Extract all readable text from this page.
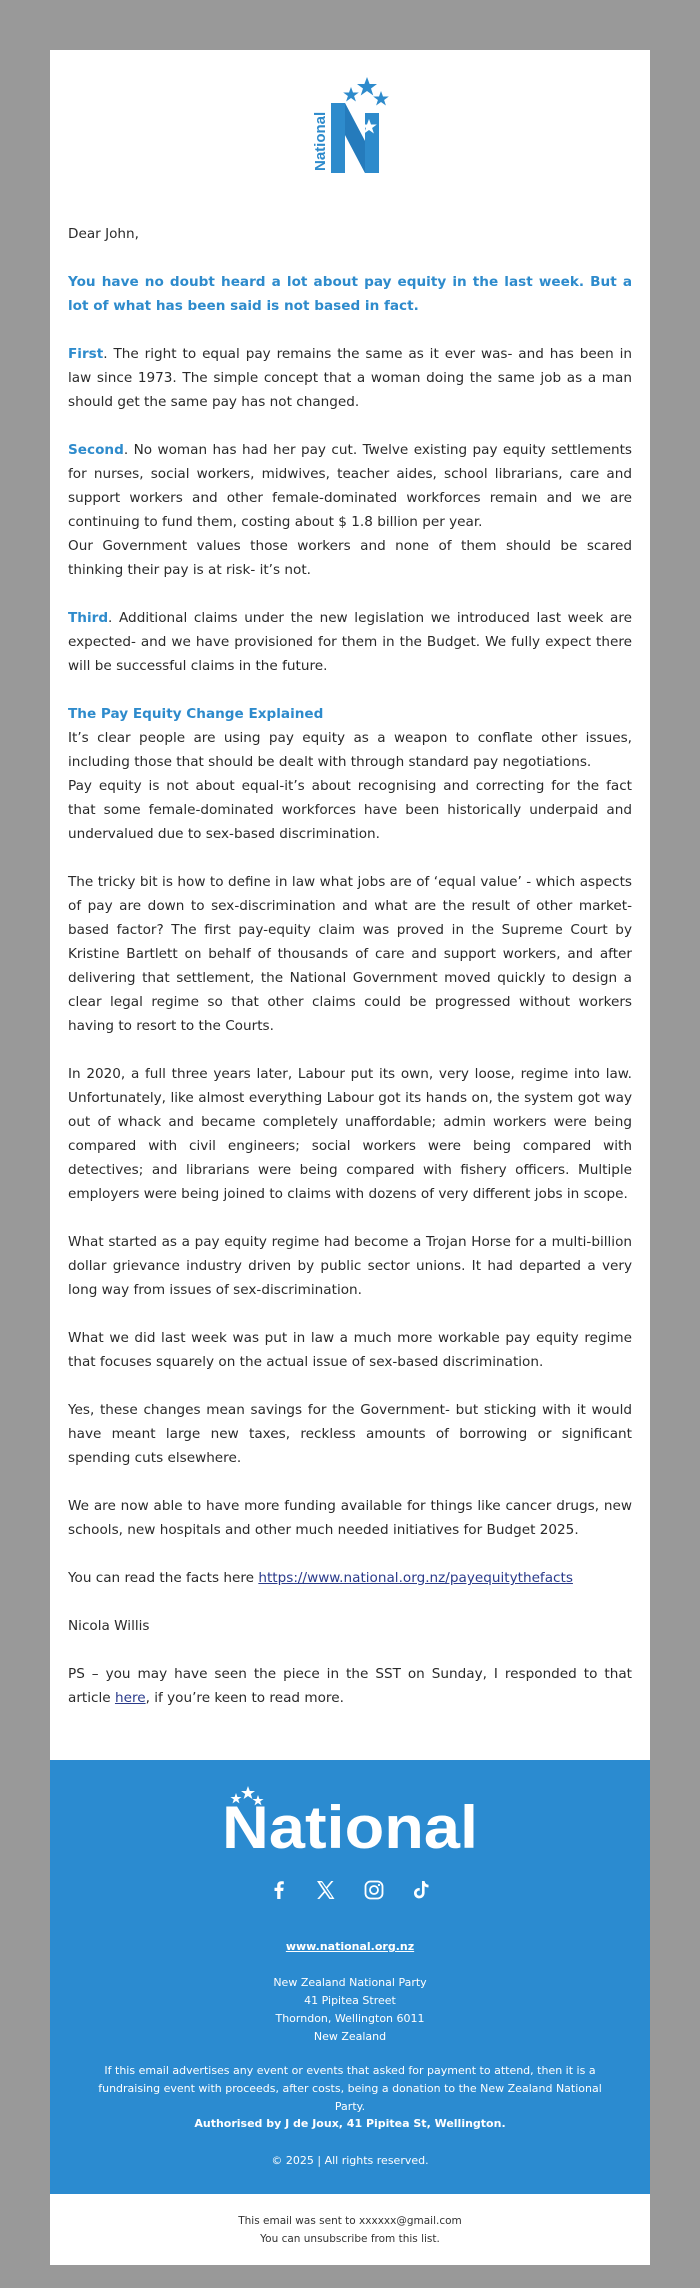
National

Dear John,

You have no doubt heard a lot about pay equity in the last week. But a lot of what has been said is not based in fact.

First. The right to equal pay remains the same as it ever was- and has been in law since 1973. The simple concept that a woman doing the same job as a man should get the same pay has not changed.

Second. No woman has had her pay cut. Twelve existing pay equity settlements for nurses, social workers, midwives, teacher aides, school librarians, care and support workers and other female-dominated workforces remain and we are continuing to fund them, costing about $ 1.8 billion per year.

Our Government values those workers and none of them should be scared thinking their pay is at risk- it’s not.

Third. Additional claims under the new legislation we introduced last week are expected- and we have provisioned for them in the Budget. We fully expect there will be successful claims in the future.

The Pay Equity Change Explained

It’s clear people are using pay equity as a weapon to conflate other issues, including those that should be dealt with through standard pay negotiations.

Pay equity is not about equal-it’s about recognising and correcting for the fact that some female-dominated workforces have been historically underpaid and undervalued due to sex-based discrimination.

The tricky bit is how to define in law what jobs are of ‘equal value’ - which aspects of pay are down to sex-discrimination and what are the result of other market-based factor? The first pay-equity claim was proved in the Supreme Court by Kristine Bartlett on behalf of thousands of care and support workers, and after delivering that settlement, the National Government moved quickly to design a clear legal regime so that other claims could be progressed without workers having to resort to the Courts.

In 2020, a full three years later, Labour put its own, very loose, regime into law. Unfortunately, like almost everything Labour got its hands on, the system got way out of whack and became completely unaffordable; admin workers were being compared with civil engineers; social workers were being compared with detectives; and librarians were being compared with fishery officers. Multiple employers were being joined to claims with dozens of very different jobs in scope.

What started as a pay equity regime had become a Trojan Horse for a multi-billion dollar grievance industry driven by public sector unions. It had departed a very long way from issues of sex-discrimination.

What we did last week was put in law a much more workable pay equity regime that focuses squarely on the actual issue of sex-based discrimination.

Yes, these changes mean savings for the Government- but sticking with it would have meant large new taxes, reckless amounts of borrowing or significant spending cuts elsewhere.

We are now able to have more funding available for things like cancer drugs, new schools, new hospitals and other much needed initiatives for Budget 2025.

You can read the facts here https://www.national.org.nz/payequitythefacts

Nicola Willis

PS – you may have seen the piece in the SST on Sunday, I responded to that article here, if you’re keen to read more.

National

www.national.org.nz
New Zealand National Party
41 Pipitea Street
Thorndon, Wellington 6011
New Zealand
If this email advertises any event or events that asked for payment to attend, then it is a fundraising event with proceeds, after costs, being a donation to the New Zealand National Party.
Authorised by J de Joux, 41 Pipitea St, Wellington.
© 2025 | All rights reserved.
This email was sent to xxxxxx@gmail.com
You can unsubscribe from this list.
